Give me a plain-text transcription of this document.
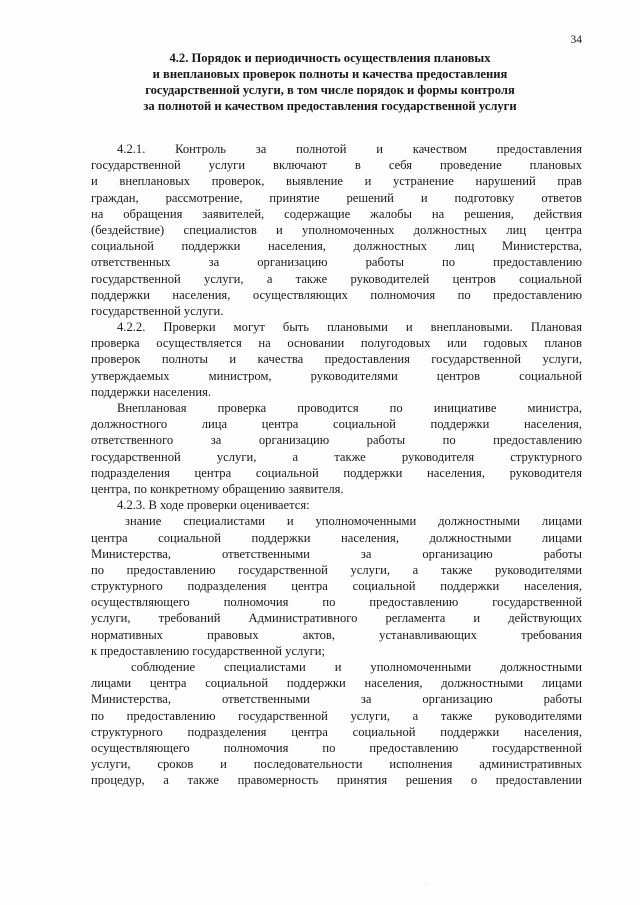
34
4.2. Порядок и периодичность осуществления плановых
и внеплановых проверок полноты и качества предоставления
государственной услуги, в том числе порядок и формы контроля
за полнотой и качеством предоставления государственной услуги
4.2.1. Контроль за полнотой и качеством предоставления
государственной услуги включают в себя проведение плановых
и внеплановых проверок, выявление и устранение нарушений прав
граждан, рассмотрение, принятие решений и подготовку ответов
на обращения заявителей, содержащие жалобы на решения, действия
(бездействие) специалистов и уполномоченных должностных лиц центра
социальной поддержки населения, должностных лиц Министерства,
ответственных за организацию работы по предоставлению
государственной услуги, а также руководителей центров социальной
поддержки населения, осуществляющих полномочия по предоставлению
государственной услуги.
4.2.2. Проверки могут быть плановыми и внеплановыми. Плановая
проверка осуществляется на основании полугодовых или годовых планов
проверок полноты и качества предоставления государственной услуги,
утверждаемых министром, руководителями центров социальной
поддержки населения.
Внеплановая проверка проводится по инициативе министра,
должностного лица центра социальной поддержки населения,
ответственного за организацию работы по предоставлению
государственной услуги, а также руководителя структурного
подразделения центра социальной поддержки населения, руководителя
центра, по конкретному обращению заявителя.
4.2.3. В ходе проверки оценивается:
знание специалистами и уполномоченными должностными лицами
центра социальной поддержки населения, должностными лицами
Министерства, ответственными за организацию работы
по предоставлению государственной услуги, а также руководителями
структурного подразделения центра социальной поддержки населения,
осуществляющего полномочия по предоставлению государственной
услуги, требований Административного регламента и действующих
нормативных правовых актов, устанавливающих требования
к предоставлению государственной услуги;
соблюдение специалистами и уполномоченными должностными
лицами центра социальной поддержки населения, должностными лицами
Министерства, ответственными за организацию работы
по предоставлению государственной услуги, а также руководителями
структурного подразделения центра социальной поддержки населения,
осуществляющего полномочия по предоставлению государственной
услуги, сроков и последовательности исполнения административных
процедур, а также правомерность принятия решения о предоставлении
·
